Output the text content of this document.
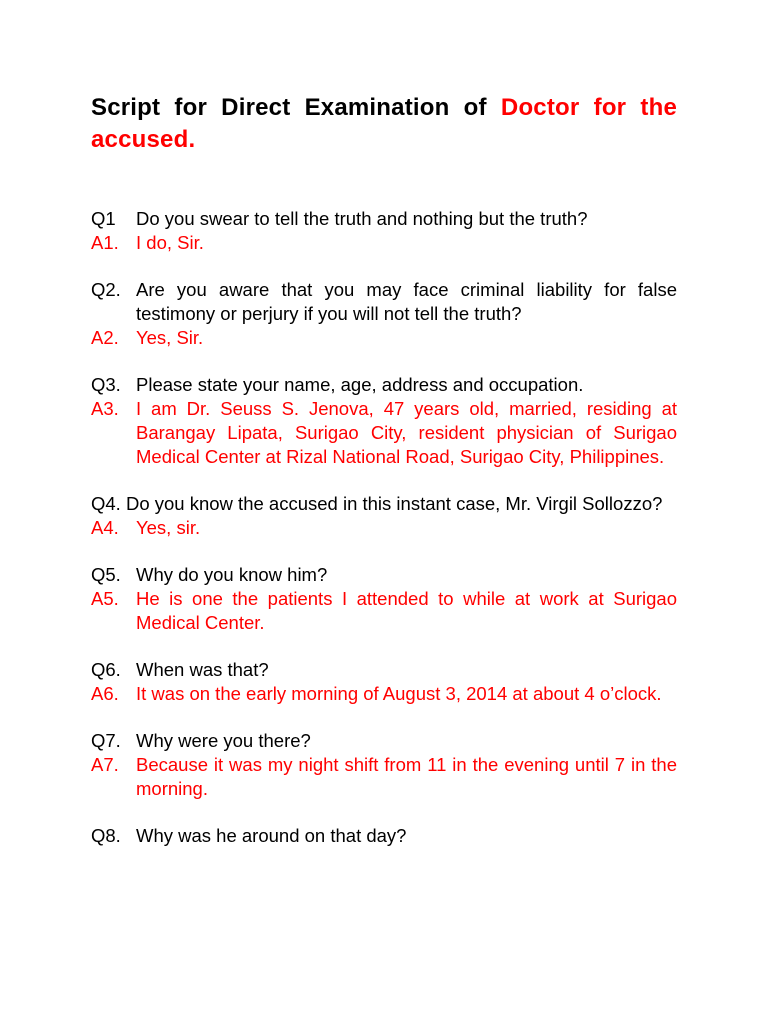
Script for Direct Examination of Doctor for the accused.
Q1	Do you swear to tell the truth and nothing but the truth?
A1. I do, Sir.
Q2. Are you aware that you may face criminal liability for false testimony or perjury if you will not tell the truth?
A2. Yes, Sir.
Q3. Please state your name, age, address and occupation.
A3. I am Dr. Seuss S. Jenova, 47 years old, married, residing at Barangay Lipata, Surigao City, resident physician of Surigao Medical Center at Rizal National Road, Surigao City, Philippines.
Q4. Do you know the accused in this instant case, Mr. Virgil Sollozzo?
A4. Yes, sir.
Q5. Why do you know him?
A5. He is one the patients I attended to while at work at Surigao Medical Center.
Q6. When was that?
A6. It was on the early morning of August 3, 2014 at about 4 o’clock.
Q7. Why were you there?
A7. Because it was my night shift from 11 in the evening until 7 in the morning.
Q8. Why was he around on that day?
